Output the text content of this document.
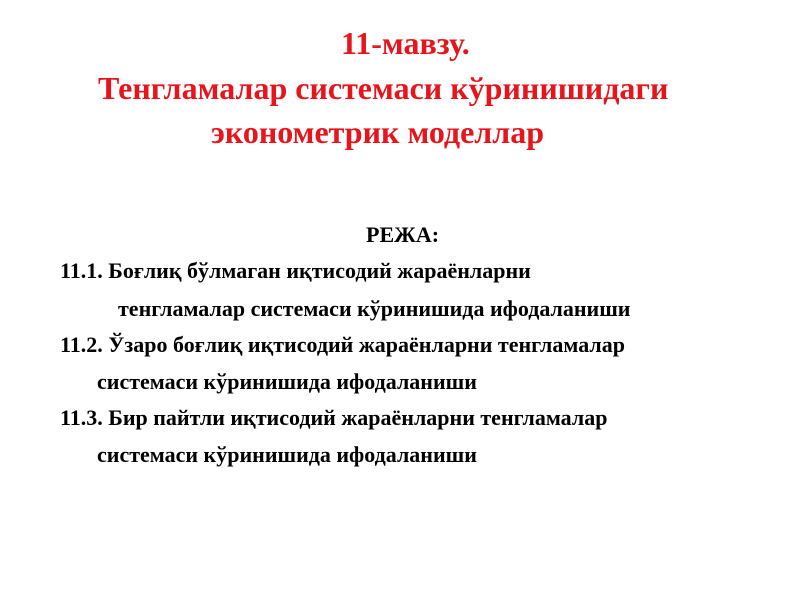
11-мавзу.
Тенгламалар системаси кўринишидаги
эконометрик моделлар
РЕЖА:
11.1. Боғлиқ бўлмаган иқтисодий жараёнларни
тенгламалар системаси кўринишида ифодаланиши
11.2. Ўзаро боғлиқ иқтисодий жараёнларни тенгламалар
системаси кўринишида ифодаланиши
11.3. Бир пайтли иқтисодий жараёнларни тенгламалар
системаси кўринишида ифодаланиши
